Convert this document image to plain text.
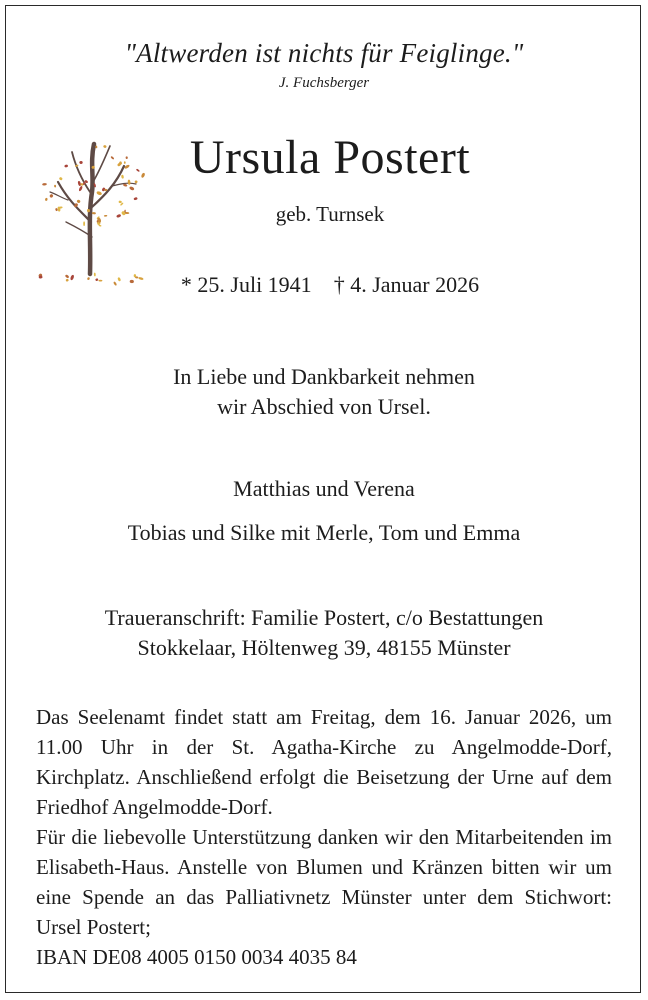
"Altwerden ist nichts für Feiglinge."
J. Fuchsberger
Ursula Postert
geb. Turnsek
* 25. Juli 1941 † 4. Januar 2026
In Liebe und Dankbarkeit nehmen
wir Abschied von Ursel.
Matthias und Verena
Tobias und Silke mit Merle, Tom und Emma
Traueranschrift: Familie Postert, c/o Bestattungen
Stokkelaar, Höltenweg 39, 48155 Münster
Das Seelenamt findet statt am Freitag, dem 16. Januar 2026, um 11.00 Uhr in der St. Agatha-Kirche zu Angelmodde-Dorf, Kirchplatz. Anschließend erfolgt die Beisetzung der Urne auf dem Friedhof Angelmodde-Dorf.
Für die liebevolle Unterstützung danken wir den Mitarbeitenden im Elisabeth-Haus. Anstelle von Blumen und Kränzen bitten wir um eine Spende an das Palliativnetz Münster unter dem Stichwort: Ursel Postert;
IBAN DE08 4005 0150 0034 4035 84
